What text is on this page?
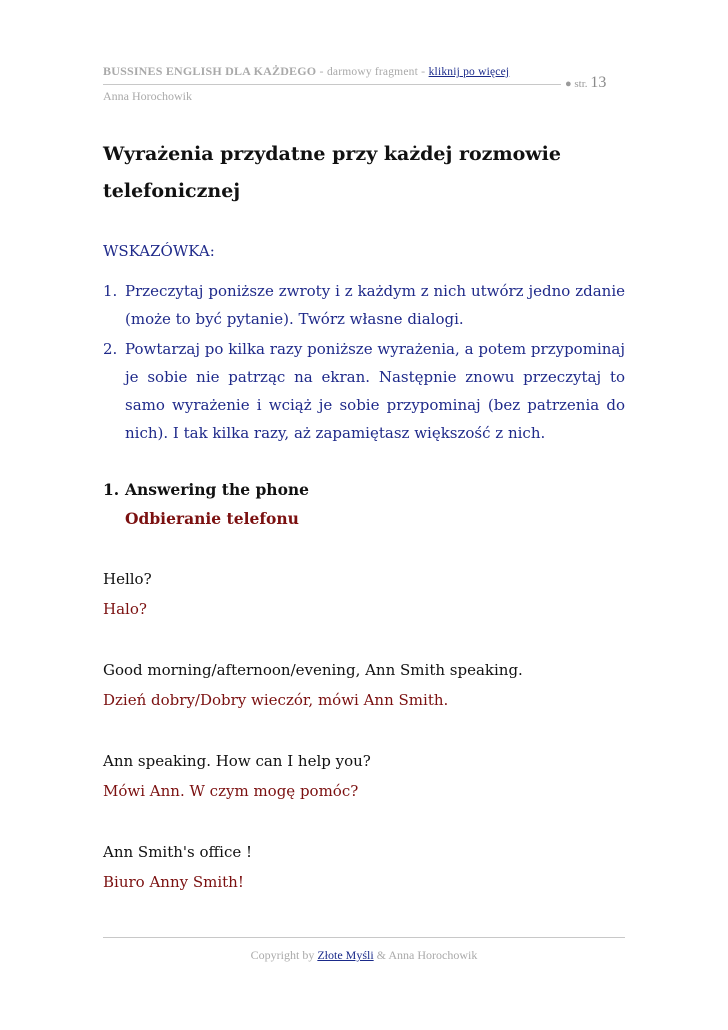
BUSSINES ENGLISH DLA KAŻDEGO - darmowy fragment - kliknij po więcej
● str. 13
Anna Horochowik
Wyrażenia przydatne przy każdej rozmowie telefonicznej
WSKAZÓWKA:
1. Przeczytaj poniższe zwroty i z każdym z nich utwórz jedno zdanie (może to być pytanie). Twórz własne dialogi.
2. Powtarzaj po kilka razy poniższe wyrażenia, a potem przypominaj je sobie nie patrząc na ekran. Następnie znowu przeczytaj to samo wyrażenie i wciąż je sobie przypominaj (bez patrzenia do nich). I tak kilka razy, aż zapamiętasz większość z nich.
1. Answering the phone
Odbieranie telefonu
Hello?
Halo?
Good morning/afternoon/evening, Ann Smith speaking.
Dzień dobry/Dobry wieczór, mówi Ann Smith.
Ann speaking. How can I help you?
Mówi Ann. W czym mogę pomóc?
Ann Smith's office !
Biuro Anny Smith!
Copyright by Złote Myśli & Anna Horochowik
